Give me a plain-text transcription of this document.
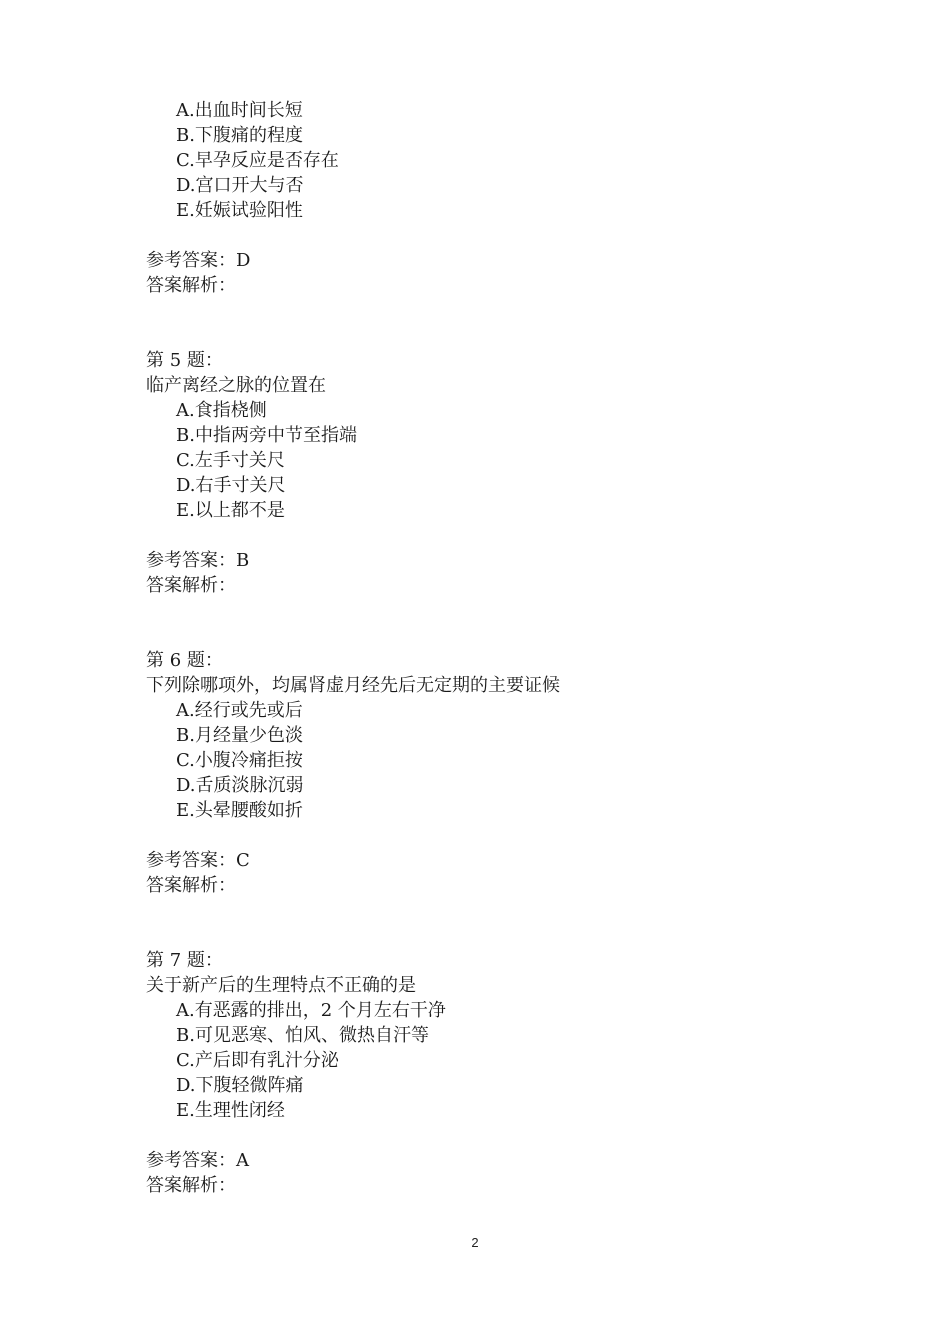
A.出血时间长短
B.下腹痛的程度
C.早孕反应是否存在
D.宫口开大与否
E.妊娠试验阳性
参考答案：D
答案解析：
第 5 题：
临产离经之脉的位置在
A.食指桡侧
B.中指两旁中节至指端
C.左手寸关尺
D.右手寸关尺
E.以上都不是
参考答案：B
答案解析：
第 6 题：
下列除哪项外，均属肾虚月经先后无定期的主要证候
A.经行或先或后
B.月经量少色淡
C.小腹冷痛拒按
D.舌质淡脉沉弱
E.头晕腰酸如折
参考答案：C
答案解析：
第 7 题：
关于新产后的生理特点不正确的是
A.有恶露的排出，2 个月左右干净
B.可见恶寒、怕风、微热自汗等
C.产后即有乳汁分泌
D.下腹轻微阵痛
E.生理性闭经
参考答案：A
答案解析：
2
